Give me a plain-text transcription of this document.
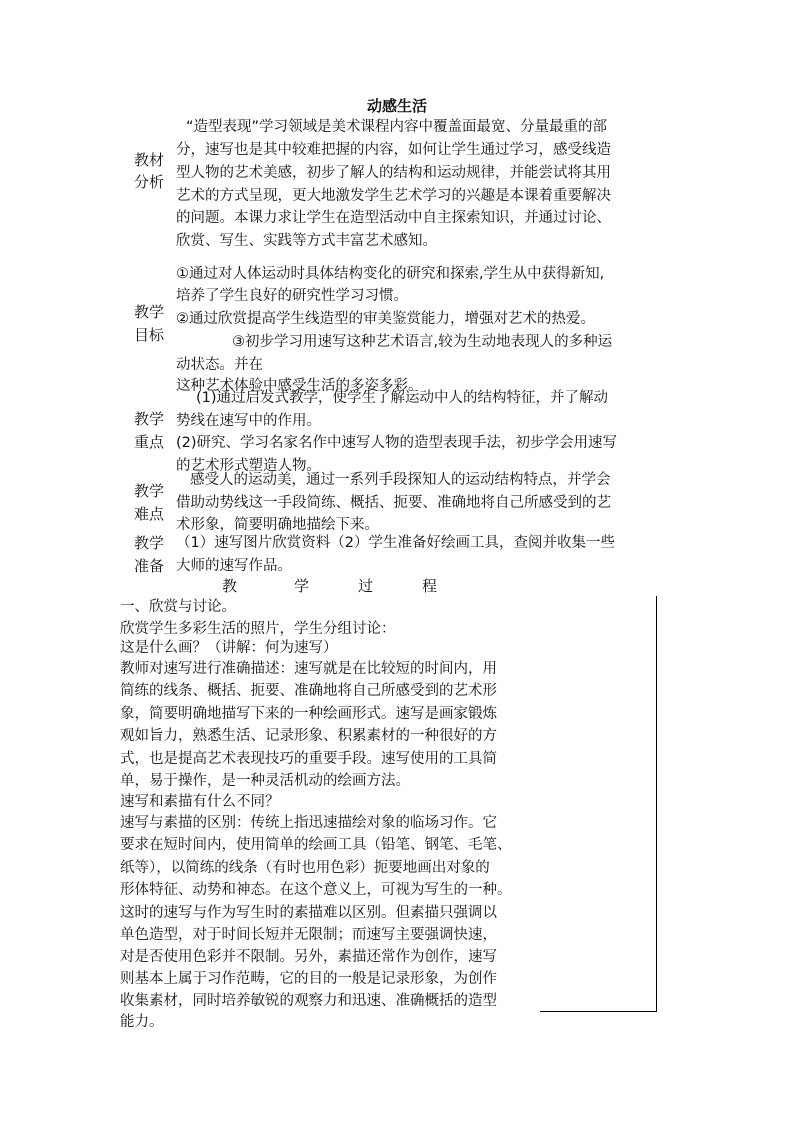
动感生活
教材
分析
“造型表现”学习领域是美术课程内容中覆盖面最宽、分量最重的部
分，速写也是其中较难把握的内容，如何让学生通过学习，感受线造
型人物的艺术美感，初步了解人的结构和运动规律，并能尝试将其用
艺术的方式呈现，更大地激发学生艺术学习的兴趣是本课着重要解决
的问题。本课力求让学生在造型活动中自主探索知识，并通过讨论、
欣赏、写生、实践等方式丰富艺术感知。
教学
目标
①通过对人体运动时具体结构变化的研究和探索,学生从中获得新知,
培养了学生良好的研究性学习习惯。
②通过欣赏提高学生线造型的审美鉴赏能力，增强对艺术的热爱。
③初步学习用速写这种艺术语言,较为生动地表现人的多种运
动状态。并在
这种艺术体验中感受生活的多姿多彩。
教学
重点
(1)通过启发式教学，使学生了解运动中人的结构特征，并了解动
势线在速写中的作用。
(2)研究、学习名家名作中速写人物的造型表现手法，初步学会用速写
的艺术形式塑造人物。
教学
难点
感受人的运动美，通过一系列手段探知人的运动结构特点，并学会
借助动势线这一手段简练、概括、扼要、准确地将自己所感受到的艺
术形象，简要明确地描绘下来。
教学
准备
（1）速写图片欣赏资料（2）学生准备好绘画工具，查阅并收集一些
大师的速写作品。
教	学	过	程
一、欣赏与讨论。
欣赏学生多彩生活的照片，学生分组讨论：
这是什么画？（讲解：何为速写）
教师对速写进行准确描述：速写就是在比较短的时间内，用
简练的线条、概括、扼要、准确地将自己所感受到的艺术形
象，简要明确地描写下来的一种绘画形式。速写是画家锻炼
观如旨力，熟悉生活、记录形象、积累素材的一种很好的方
式，也是提高艺术表现技巧的重要手段。速写使用的工具简
单，易于操作，是一种灵活机动的绘画方法。
速写和素描有什么不同？
速写与素描的区别：传统上指迅速描绘对象的临场习作。它
要求在短时间内，使用简单的绘画工具（铅笔、钢笔、毛笔、
纸等），以简练的线条（有时也用色彩）扼要地画出对象的
形体特征、动势和神态。在这个意义上，可视为写生的一种。
这时的速写与作为写生时的素描难以区别。但素描只强调以
单色造型，对于时间长短并无限制；而速写主要强调快速，
对是否使用色彩并不限制。另外，素描还常作为创作，速写
则基本上属于习作范畴，它的目的一般是记录形象，为创作
收集素材，同时培养敏锐的观察力和迅速、准确概括的造型
能力。
